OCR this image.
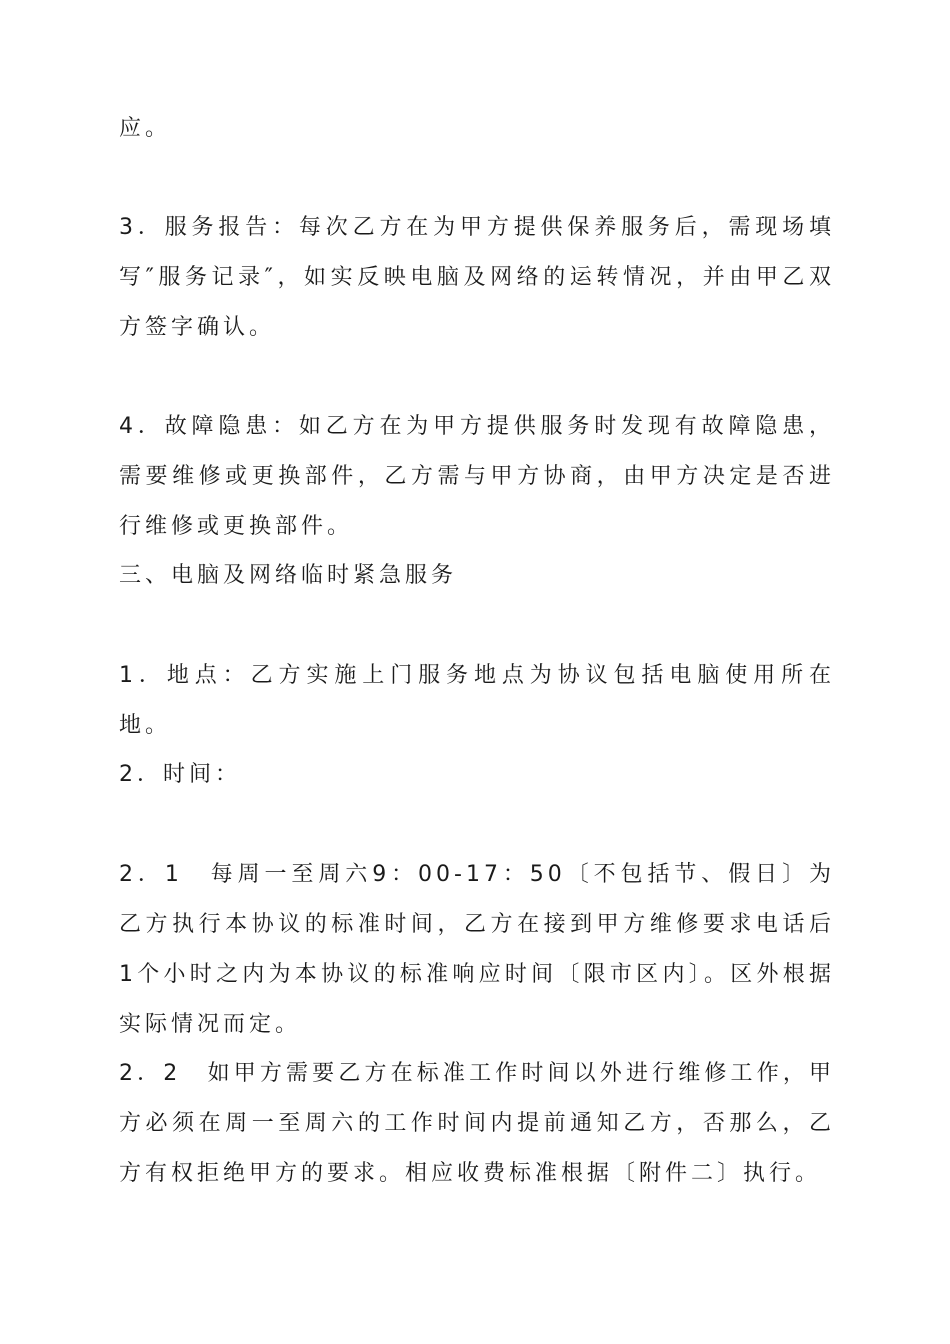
应。

3．服务报告：每次乙方在为甲方提供保养服务后，需现场填写″服务记录″，如实反映电脑及网络的运转情况，并由甲乙双方签字确认。

4．故障隐患：如乙方在为甲方提供服务时发现有故障隐患，需要维修或更换部件，乙方需与甲方协商，由甲方决定是否进行维修或更换部件。

三、电脑及网络临时紧急服务

1．地点：乙方实施上门服务地点为协议包括电脑使用所在地。

2．时间：

2．1　每周一至周六9：00-17：50〔不包括节、假日〕为乙方执行本协议的标准时间，乙方在接到甲方维修要求电话后1个小时之内为本协议的标准响应时间〔限市区内〕。区外根据实际情况而定。

2．2　如甲方需要乙方在标准工作时间以外进行维修工作，甲方必须在周一至周六的工作时间内提前通知乙方，否那么，乙方有权拒绝甲方的要求。相应收费标准根据〔附件二〕执行。
